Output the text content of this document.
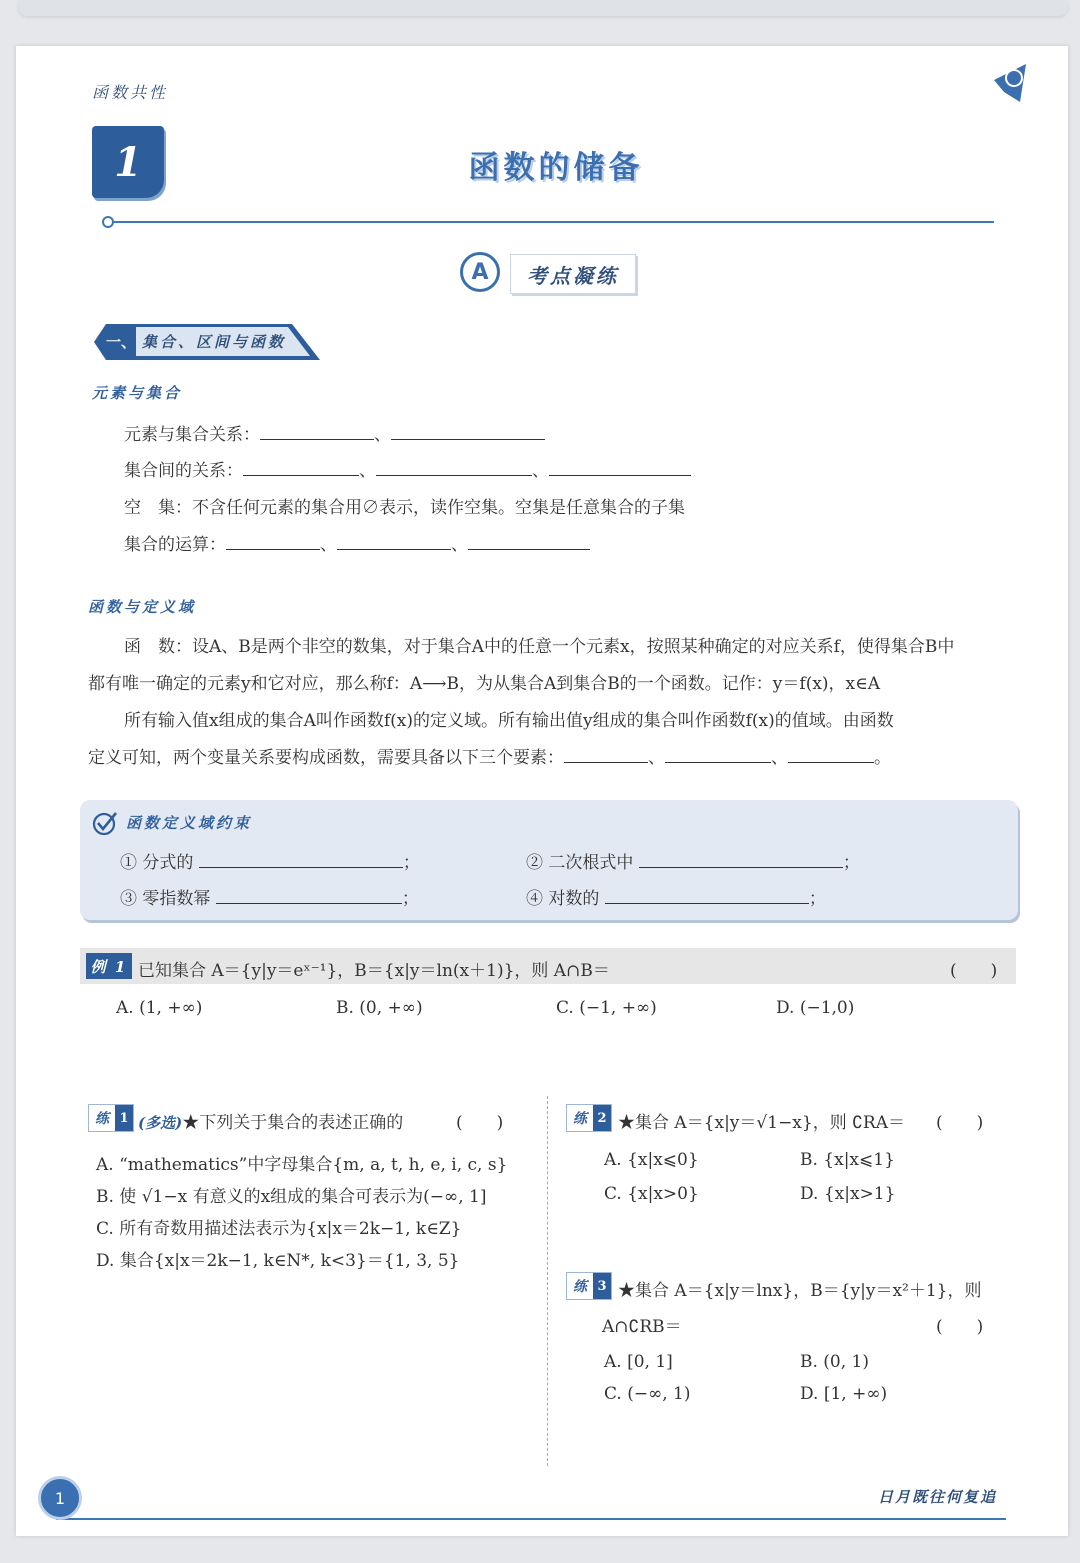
函数共性
1	函数的储备
A	考点凝练
一、 集合、区间与函数
元素与集合
元素与集合关系：	、
集合间的关系：	、	、
空　集：不含任何元素的集合用∅表示，读作空集。空集是任意集合的子集
集合的运算：	、	、
函数与定义域
函　数：设A、B是两个非空的数集，对于集合A中的任意一个元素x，按照某种确定的对应关系f，使得集合B中
都有唯一确定的元素y和它对应，那么称f：A⟶B，为从集合A到集合B的一个函数。记作：y＝f(x)，x∈A
所有输入值x组成的集合A叫作函数f(x)的定义域。所有输出值y组成的集合叫作函数f(x)的值域。由函数
定义可知，两个变量关系要构成函数，需要具备以下三个要素：	、	、	。
函数定义域约束
① 分式的	；	② 二次根式中	；
③ 零指数幂	；	④ 对数的	；
例 1 已知集合 A＝{y|y＝eˣ⁻¹}，B＝{x|y＝ln(x＋1)}，则 A∩B＝	(　　)
A. (1, +∞)	B. (0, +∞)	C. (−1, +∞)	D. (−1,0)
练 1 (多选)★下列关于集合的表述正确的	(　　)
A. “mathematics”中字母集合{m, a, t, h, e, i, c, s}
B. 使 √1−x 有意义的x组成的集合可表示为(−∞, 1]
C. 所有奇数用描述法表示为{x|x＝2k−1, k∈Z}
D. 集合{x|x＝2k−1, k∈N*, k<3}＝{1, 3, 5}
练 2 ★集合 A＝{x|y＝√1−x}，则 ∁RA＝ (　　)
A. {x|x⩽0}	B. {x|x⩽1}
C. {x|x>0}	D. {x|x>1}
练 3 ★集合 A＝{x|y＝lnx}，B＝{y|y＝x²＋1}，则
A∩∁RB＝	(　　)
A. [0, 1]	B. (0, 1)
C. (−∞, 1)	D. [1, +∞)
1	日月既往何复追
